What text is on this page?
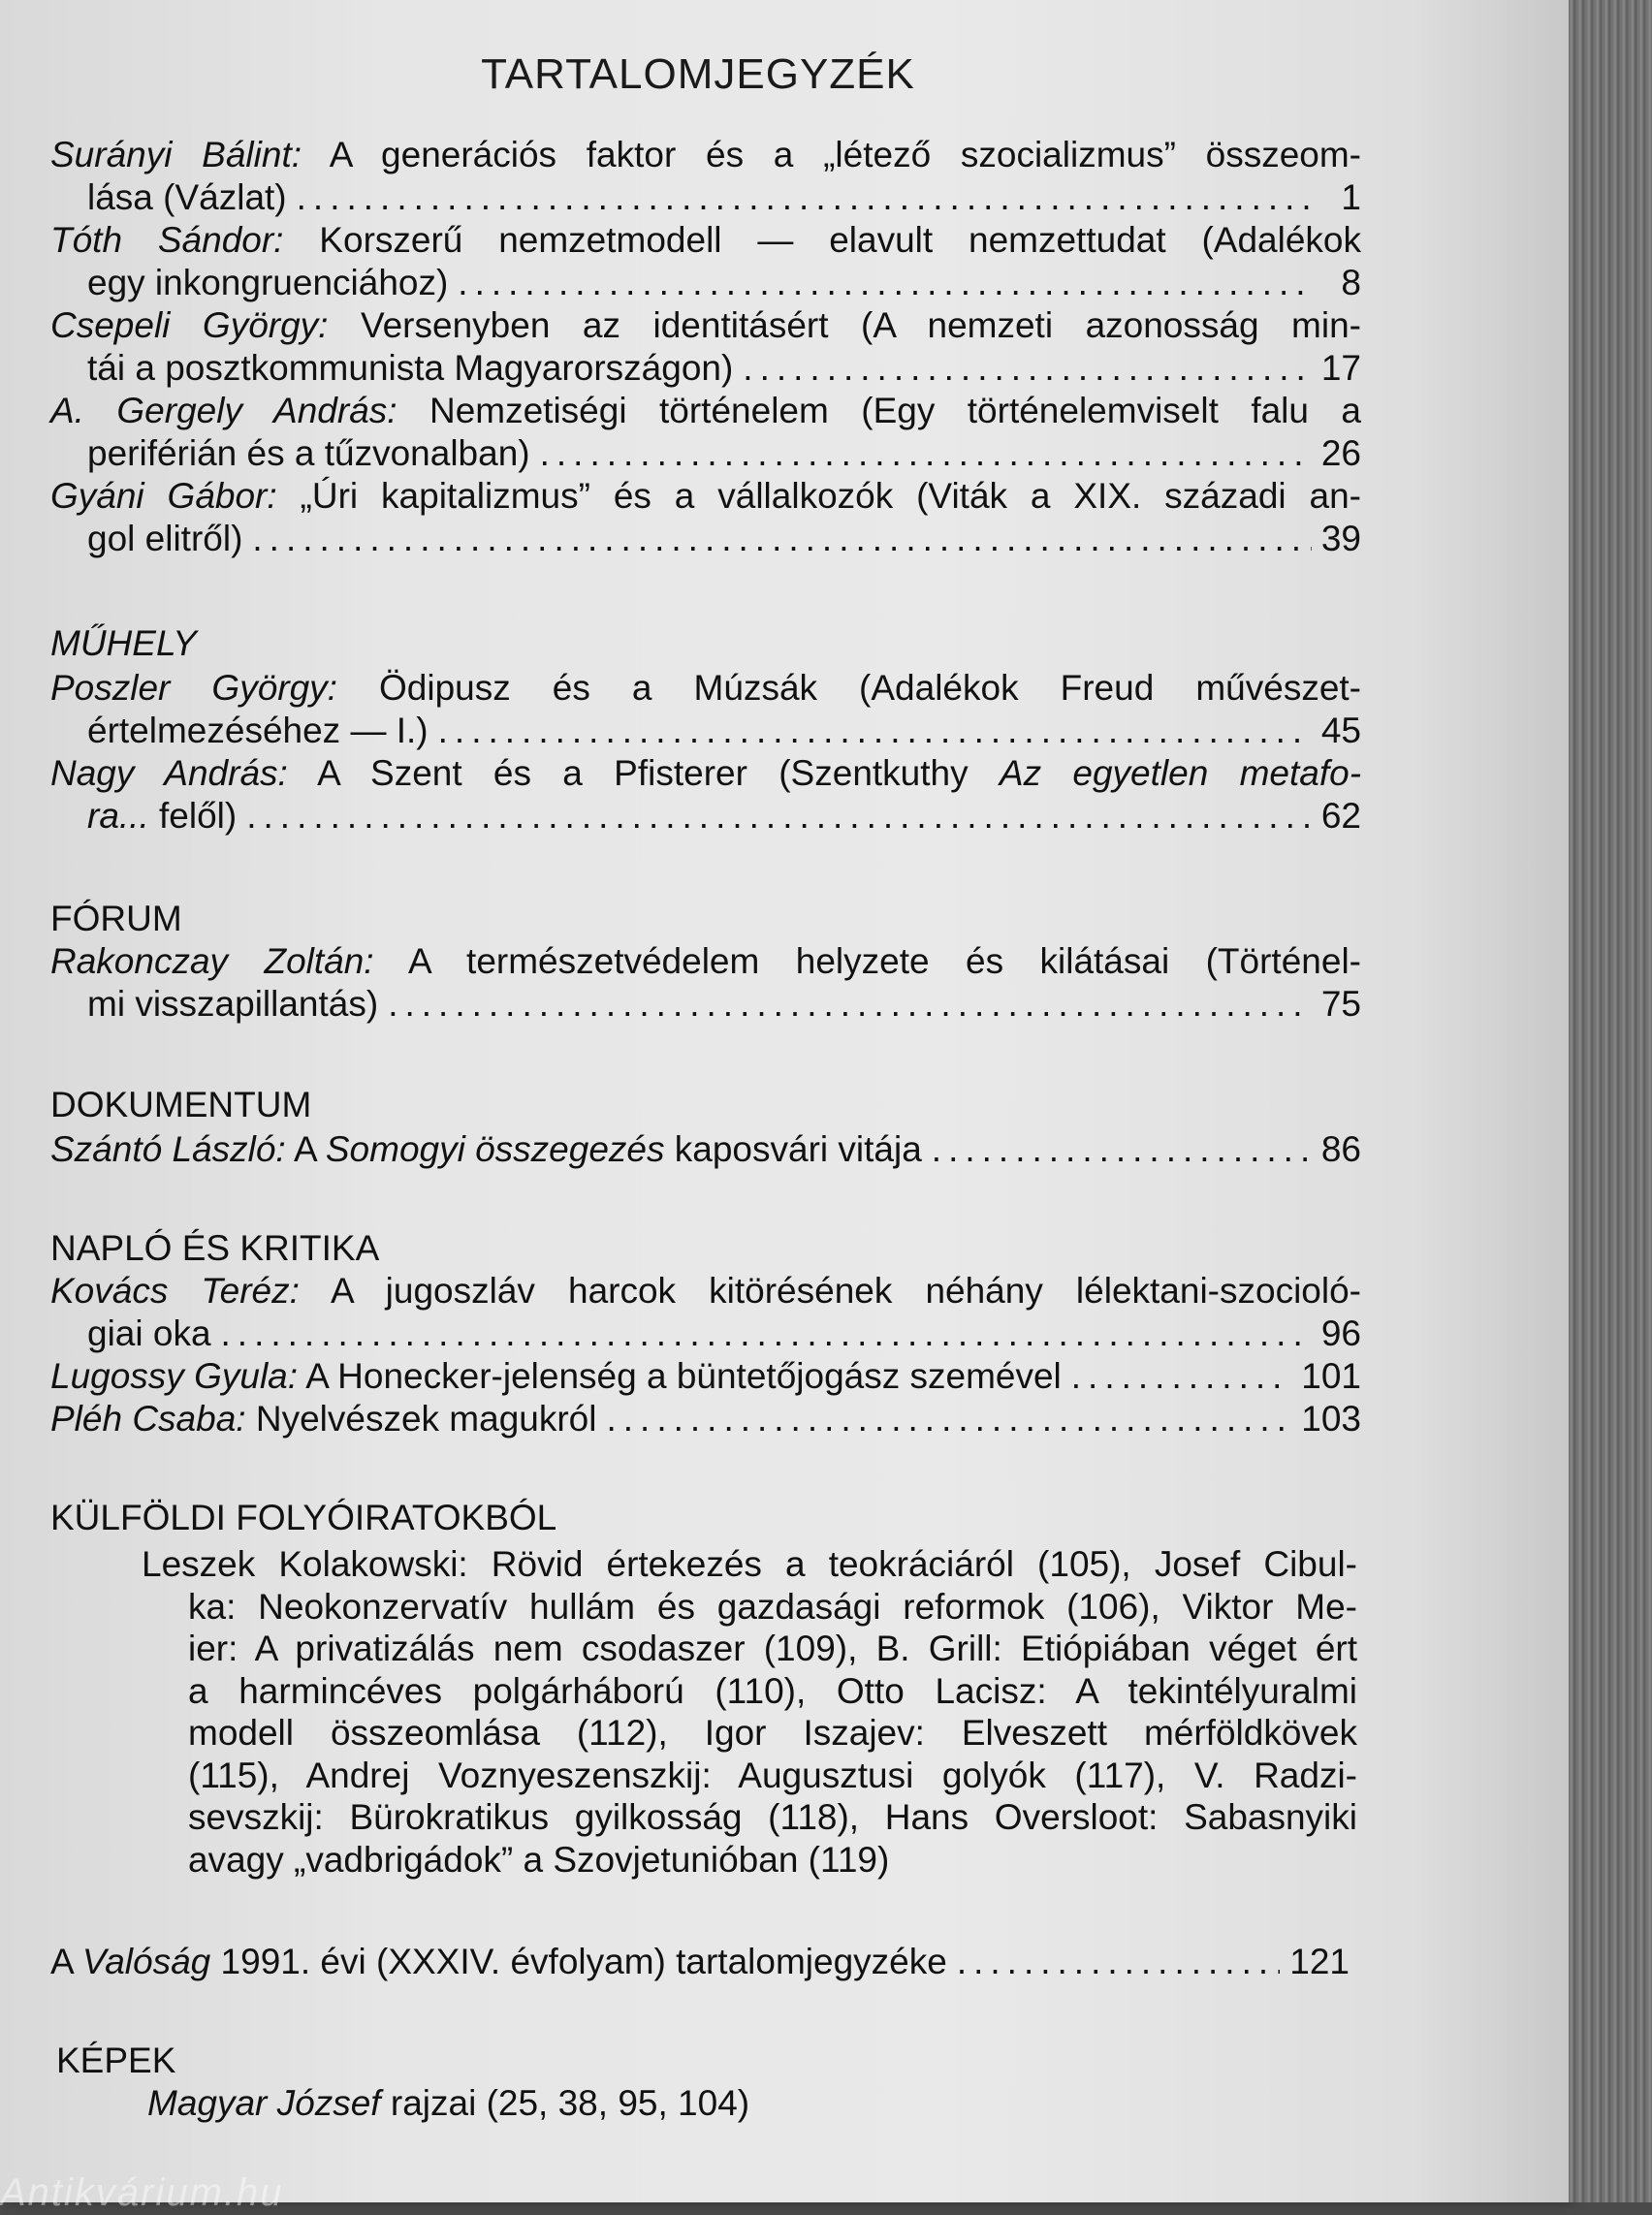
TARTALOMJEGYZÉK
Surányi Bálint: A generációs faktor és a „létező szocializmus” összeom-
lása (Vázlat) .....	1
Tóth Sándor: Korszerű nemzetmodell — elavult nemzettudat (Adalékok
egy inkongruenciához) .....	8
Csepeli György: Versenyben az identitásért (A nemzeti azonosság min-
tái a posztkommunista Magyarországon) .....	17
A. Gergely András: Nemzetiségi történelem (Egy történelemviselt falu a
periférián és a tűzvonalban) .....	26
Gyáni Gábor: „Úri kapitalizmus” és a vállalkozók (Viták a XIX. századi an-
gol elitről) .....	39
MŰHELY
Poszler György: Ödipusz és a Múzsák (Adalékok Freud művészet-
értelmezéséhez — I.) .....	45
Nagy András: A Szent és a Pfisterer (Szentkuthy Az egyetlen metafo-
ra... felől) .....	62
FÓRUM
Rakonczay Zoltán: A természetvédelem helyzete és kilátásai (Történel-
mi visszapillantás) .....	75
DOKUMENTUM
Szántó László: A Somogyi összegezés kaposvári vitája .....	86
NAPLÓ ÉS KRITIKA
Kovács Teréz: A jugoszláv harcok kitörésének néhány lélektani-szocioló-
giai oka .....	96
Lugossy Gyula: A Honecker-jelenség a büntetőjogász szemével .....	101
Pléh Csaba: Nyelvészek magukról .....	103
KÜLFÖLDI FOLYÓIRATOKBÓL
Leszek Kolakowski: Rövid értekezés a teokráciáról (105), Josef Cibul-
ka: Neokonzervatív hullám és gazdasági reformok (106), Viktor Me-
ier: A privatizálás nem csodaszer (109), B. Grill: Etiópiában véget ért
a harmincéves polgárháború (110), Otto Lacisz: A tekintélyuralmi
modell összeomlása (112), Igor Iszajev: Elveszett mérföldkövek
(115), Andrej Voznyeszenszkij: Augusztusi golyók (117), V. Radzi-
sevszkij: Bürokratikus gyilkosság (118), Hans Oversloot: Sabasnyiki
avagy „vadbrigádok” a Szovjetunióban (119)
A Valóság 1991. évi (XXXIV. évfolyam) tartalomjegyzéke .....	121
KÉPEK
Magyar József rajzai (25, 38, 95, 104)
Antikvárium.hu
